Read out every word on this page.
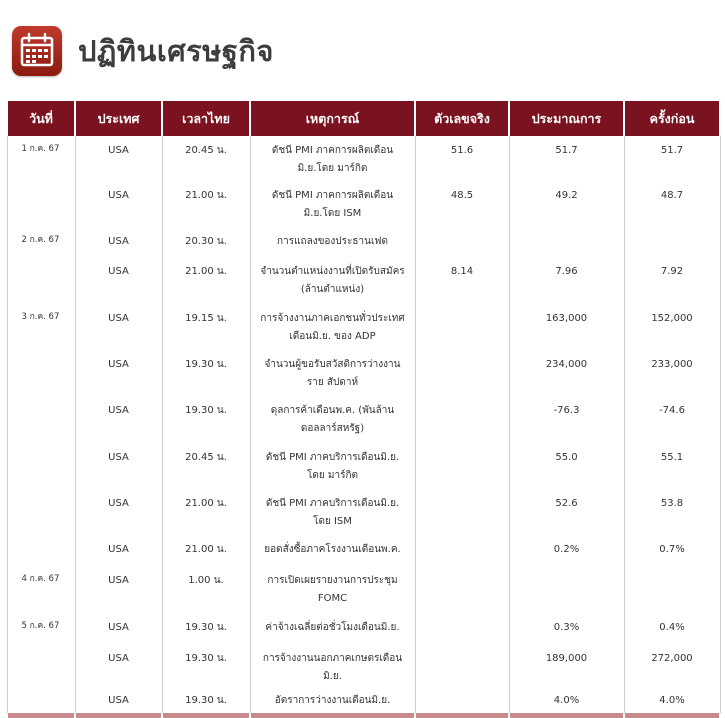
ปฏิทินเศรษฐกิจ
วันที่	ประเทศ	เวลาไทย	เหตุการณ์	ตัวเลขจริง	ประมาณการ	ครั้งก่อน
1 ก.ค. 67	USA	20.45 น.	ดัชนี PMI ภาคการผลิตเดือนมิ.ย.โดย มาร์กิต	51.6	51.7	51.7
	USA	21.00 น.	ดัชนี PMI ภาคการผลิตเดือนมิ.ย.โดย ISM	48.5	49.2	48.7
2 ก.ค. 67	USA	20.30 น.	การแถลงของประธานเฟด			
	USA	21.00 น.	จำนวนตำแหน่งงานที่เปิดรับสมัคร (ล้านตำแหน่ง)	8.14	7.96	7.92
3 ก.ค. 67	USA	19.15 น.	การจ้างงานภาคเอกชนทั่วประเทศ เดือนมิ.ย. ของ ADP		163,000	152,000
	USA	19.30 น.	จำนวนผู้ขอรับสวัสดิการว่างงานราย สัปดาห์		234,000	233,000
	USA	19.30 น.	ดุลการค้าเดือนพ.ค. (พันล้าน ดอลลาร์สหรัฐ)		-76.3	-74.6
	USA	20.45 น.	ดัชนี PMI ภาคบริการเดือนมิ.ย. โดย มาร์กิต		55.0	55.1
	USA	21.00 น.	ดัชนี PMI ภาคบริการเดือนมิ.ย. โดย ISM		52.6	53.8
	USA	21.00 น.	ยอดสั่งซื้อภาคโรงงานเดือนพ.ค.		0.2%	0.7%
4 ก.ค. 67	USA	1.00 น.	การเปิดเผยรายงานการประชุม FOMC			
5 ก.ค. 67	USA	19.30 น.	ค่าจ้างเฉลี่ยต่อชั่วโมงเดือนมิ.ย.		0.3%	0.4%
	USA	19.30 น.	การจ้างงานนอกภาคเกษตรเดือนมิ.ย.		189,000	272,000
	USA	19.30 น.	อัตราการว่างงานเดือนมิ.ย.		4.0%	4.0%
